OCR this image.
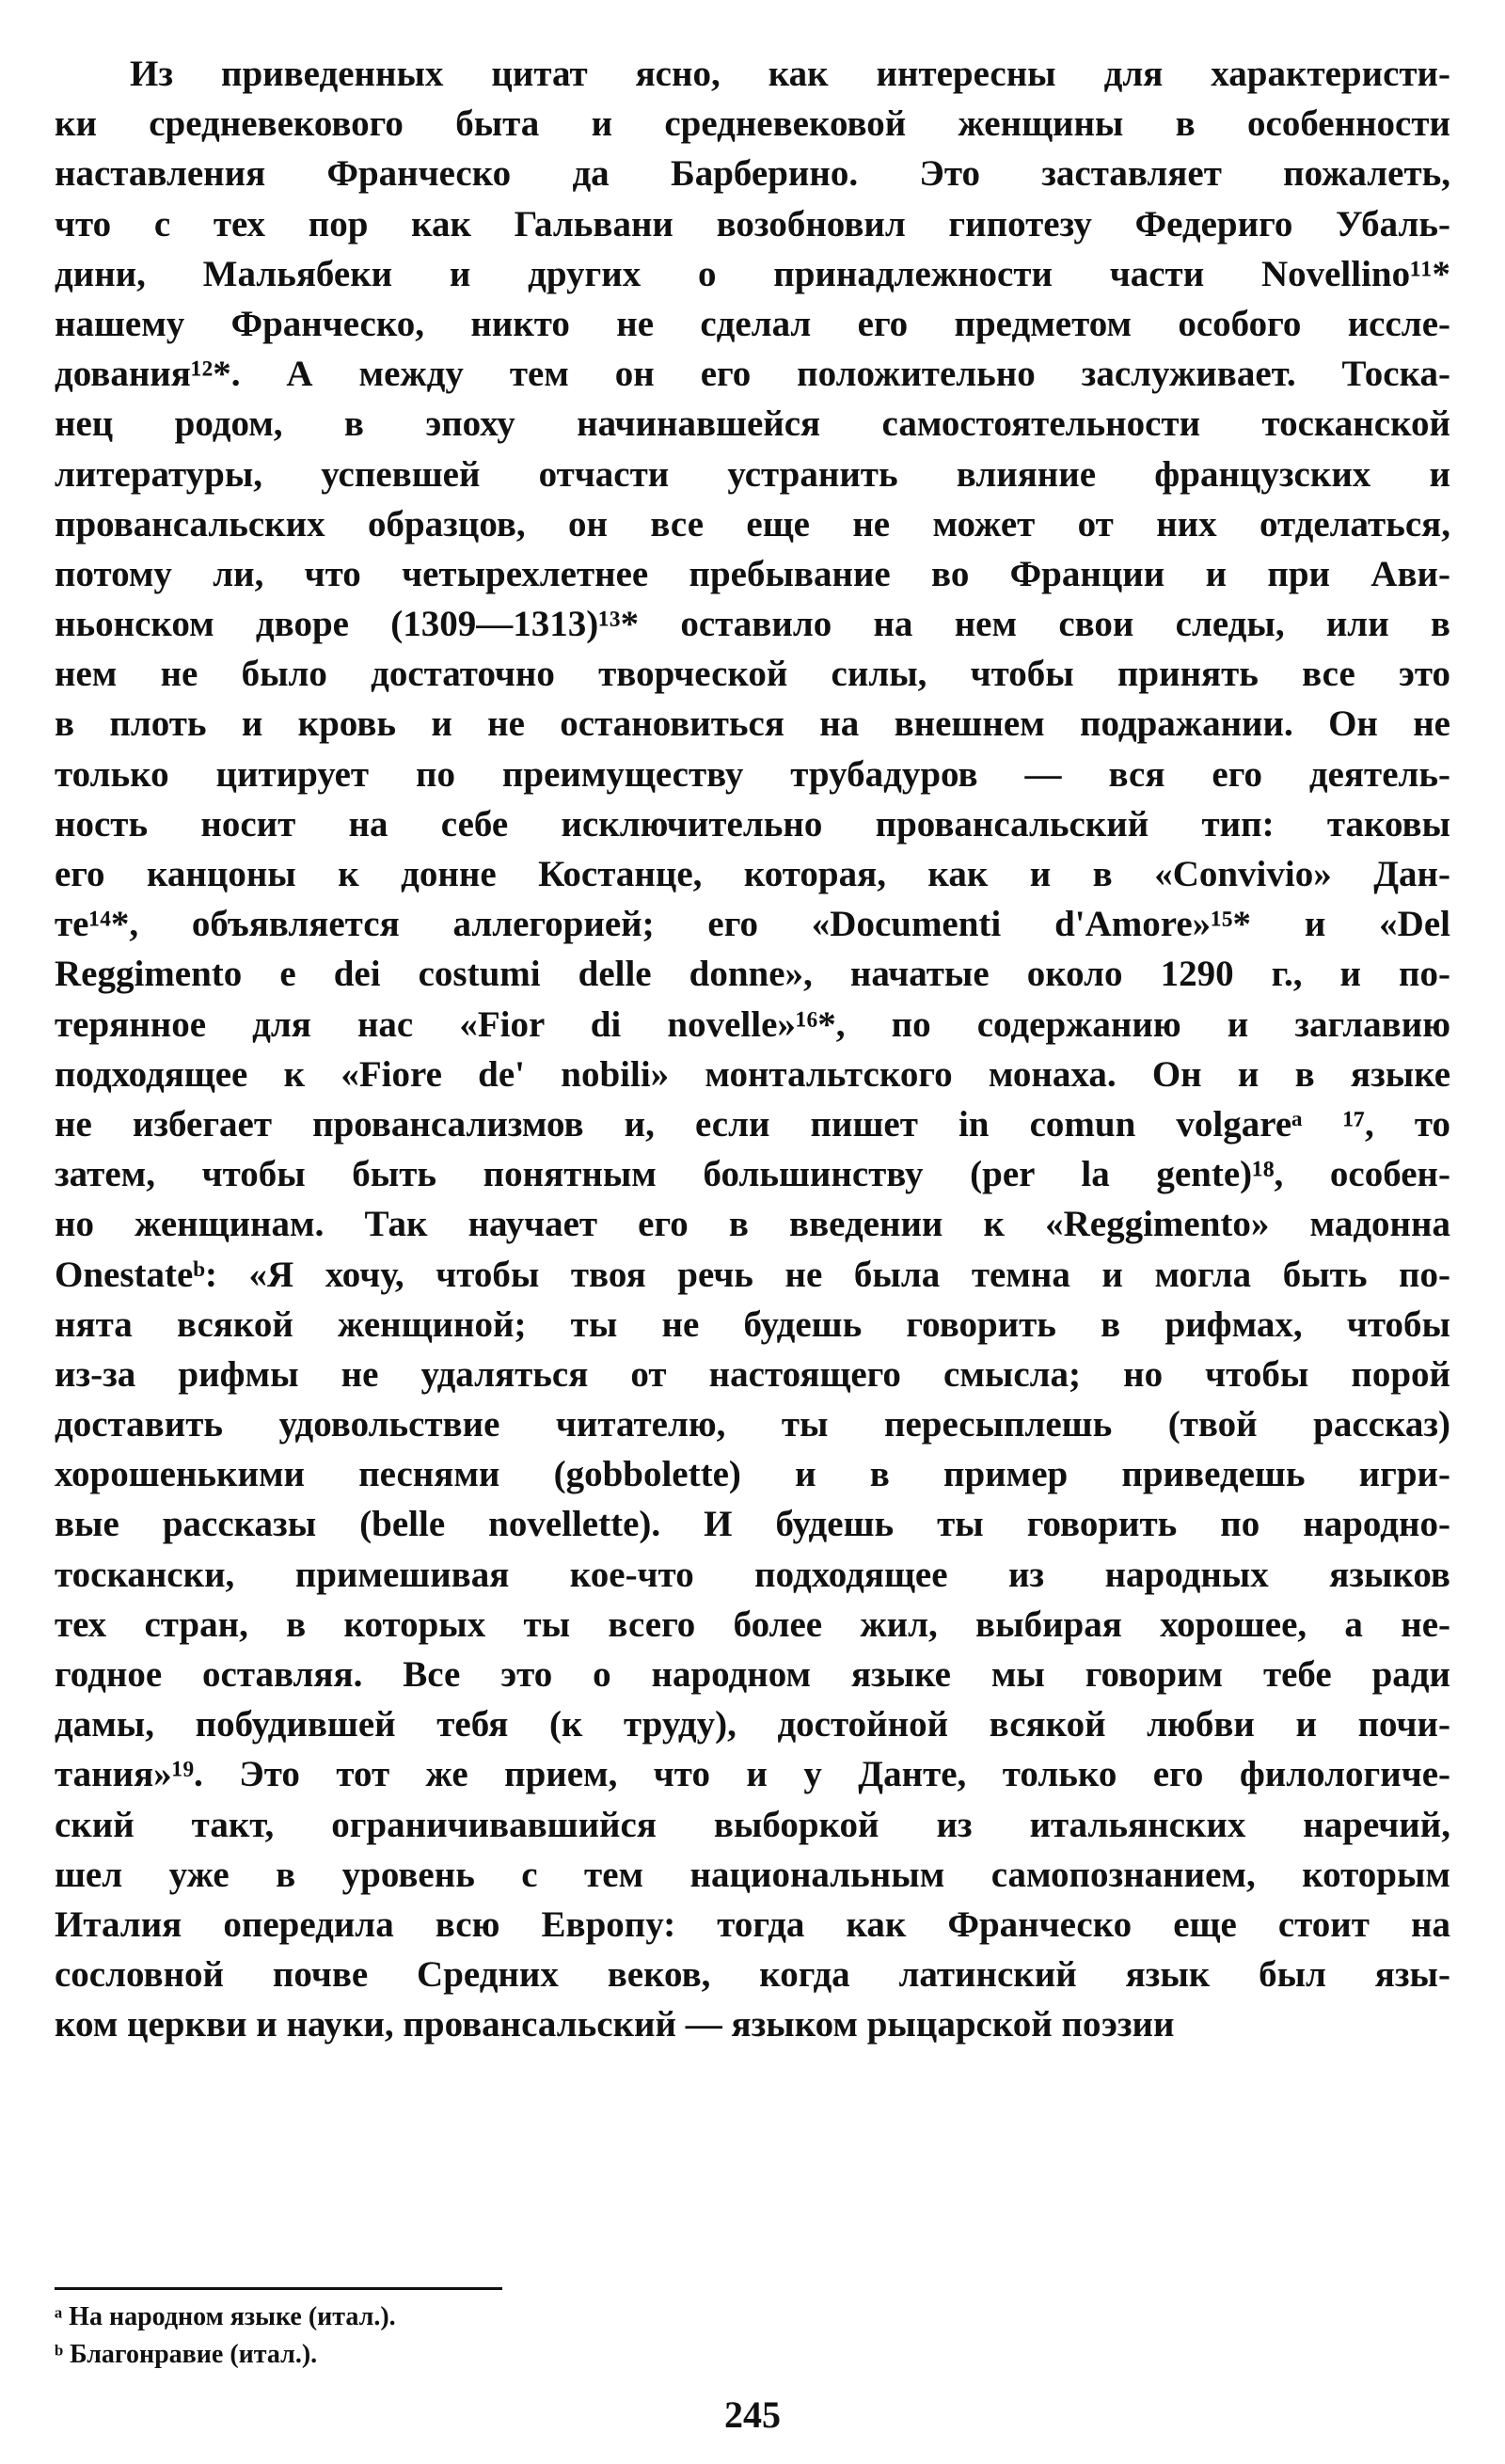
Из приведенных цитат ясно, как интересны для характеристи-
ки средневекового быта и средневековой женщины в особенности
наставления Франческо да Барберино. Это заставляет пожалеть,
что с тех пор как Гальвани возобновил гипотезу Федериго Убаль-
дини, Мальябеки и других о принадлежности части Novellino¹¹*
нашему Франческо, никто не сделал его предметом особого иссле-
дования¹²*. А между тем он его положительно заслуживает. Тоска-
нец родом, в эпоху начинавшейся самостоятельности тосканской
литературы, успевшей отчасти устранить влияние французских и
провансальских образцов, он все еще не может от них отделаться,
потому ли, что четырехлетнее пребывание во Франции и при Ави-
ньонском дворе (1309—1313)¹³* оставило на нем свои следы, или в
нем не было достаточно творческой силы, чтобы принять все это
в плоть и кровь и не остановиться на внешнем подражании. Он не
только цитирует по преимуществу трубадуров — вся его деятель-
ность носит на себе исключительно провансальский тип: таковы
его канцоны к донне Костанце, которая, как и в «Convivio» Дан-
те¹⁴*, объявляется аллегорией; его «Documenti d'Amore»¹⁵* и «Del
Reggimento e dei costumi delle donne», начатые около 1290 г., и по-
терянное для нас «Fior di novelle»¹⁶*, по содержанию и заглавию
подходящее к «Fiore de' nobili» монтальтского монаха. Он и в языке
не избегает провансализмов и, если пишет in comun volgareᵃ ¹⁷, то
затем, чтобы быть понятным большинству (per la gente)¹⁸, особен-
но женщинам. Так научает его в введении к «Reggimento» мадонна
Onestateᵇ: «Я хочу, чтобы твоя речь не была темна и могла быть по-
нята всякой женщиной; ты не будешь говорить в рифмах, чтобы
из-за рифмы не удаляться от настоящего смысла; но чтобы порой
доставить удовольствие читателю, ты пересыплешь (твой рассказ)
хорошенькими песнями (gobbolette) и в пример приведешь игри-
вые рассказы (belle novellette). И будешь ты говорить по народно-
тоскански, примешивая кое-что подходящее из народных языков
тех стран, в которых ты всего более жил, выбирая хорошее, а не-
годное оставляя. Все это о народном языке мы говорим тебе ради
дамы, побудившей тебя (к труду), достойной всякой любви и почи-
тания»¹⁹. Это тот же прием, что и у Данте, только его филологиче-
ский такт, ограничивавшийся выборкой из итальянских наречий,
шел уже в уровень с тем национальным самопознанием, которым
Италия опередила всю Европу: тогда как Франческо еще стоит на
сословной почве Средних веков, когда латинский язык был язы-
ком церкви и науки, провансальский — языком рыцарской поэзии
ᵃ На народном языке (итал.).
ᵇ Благонравие (итал.).
245
